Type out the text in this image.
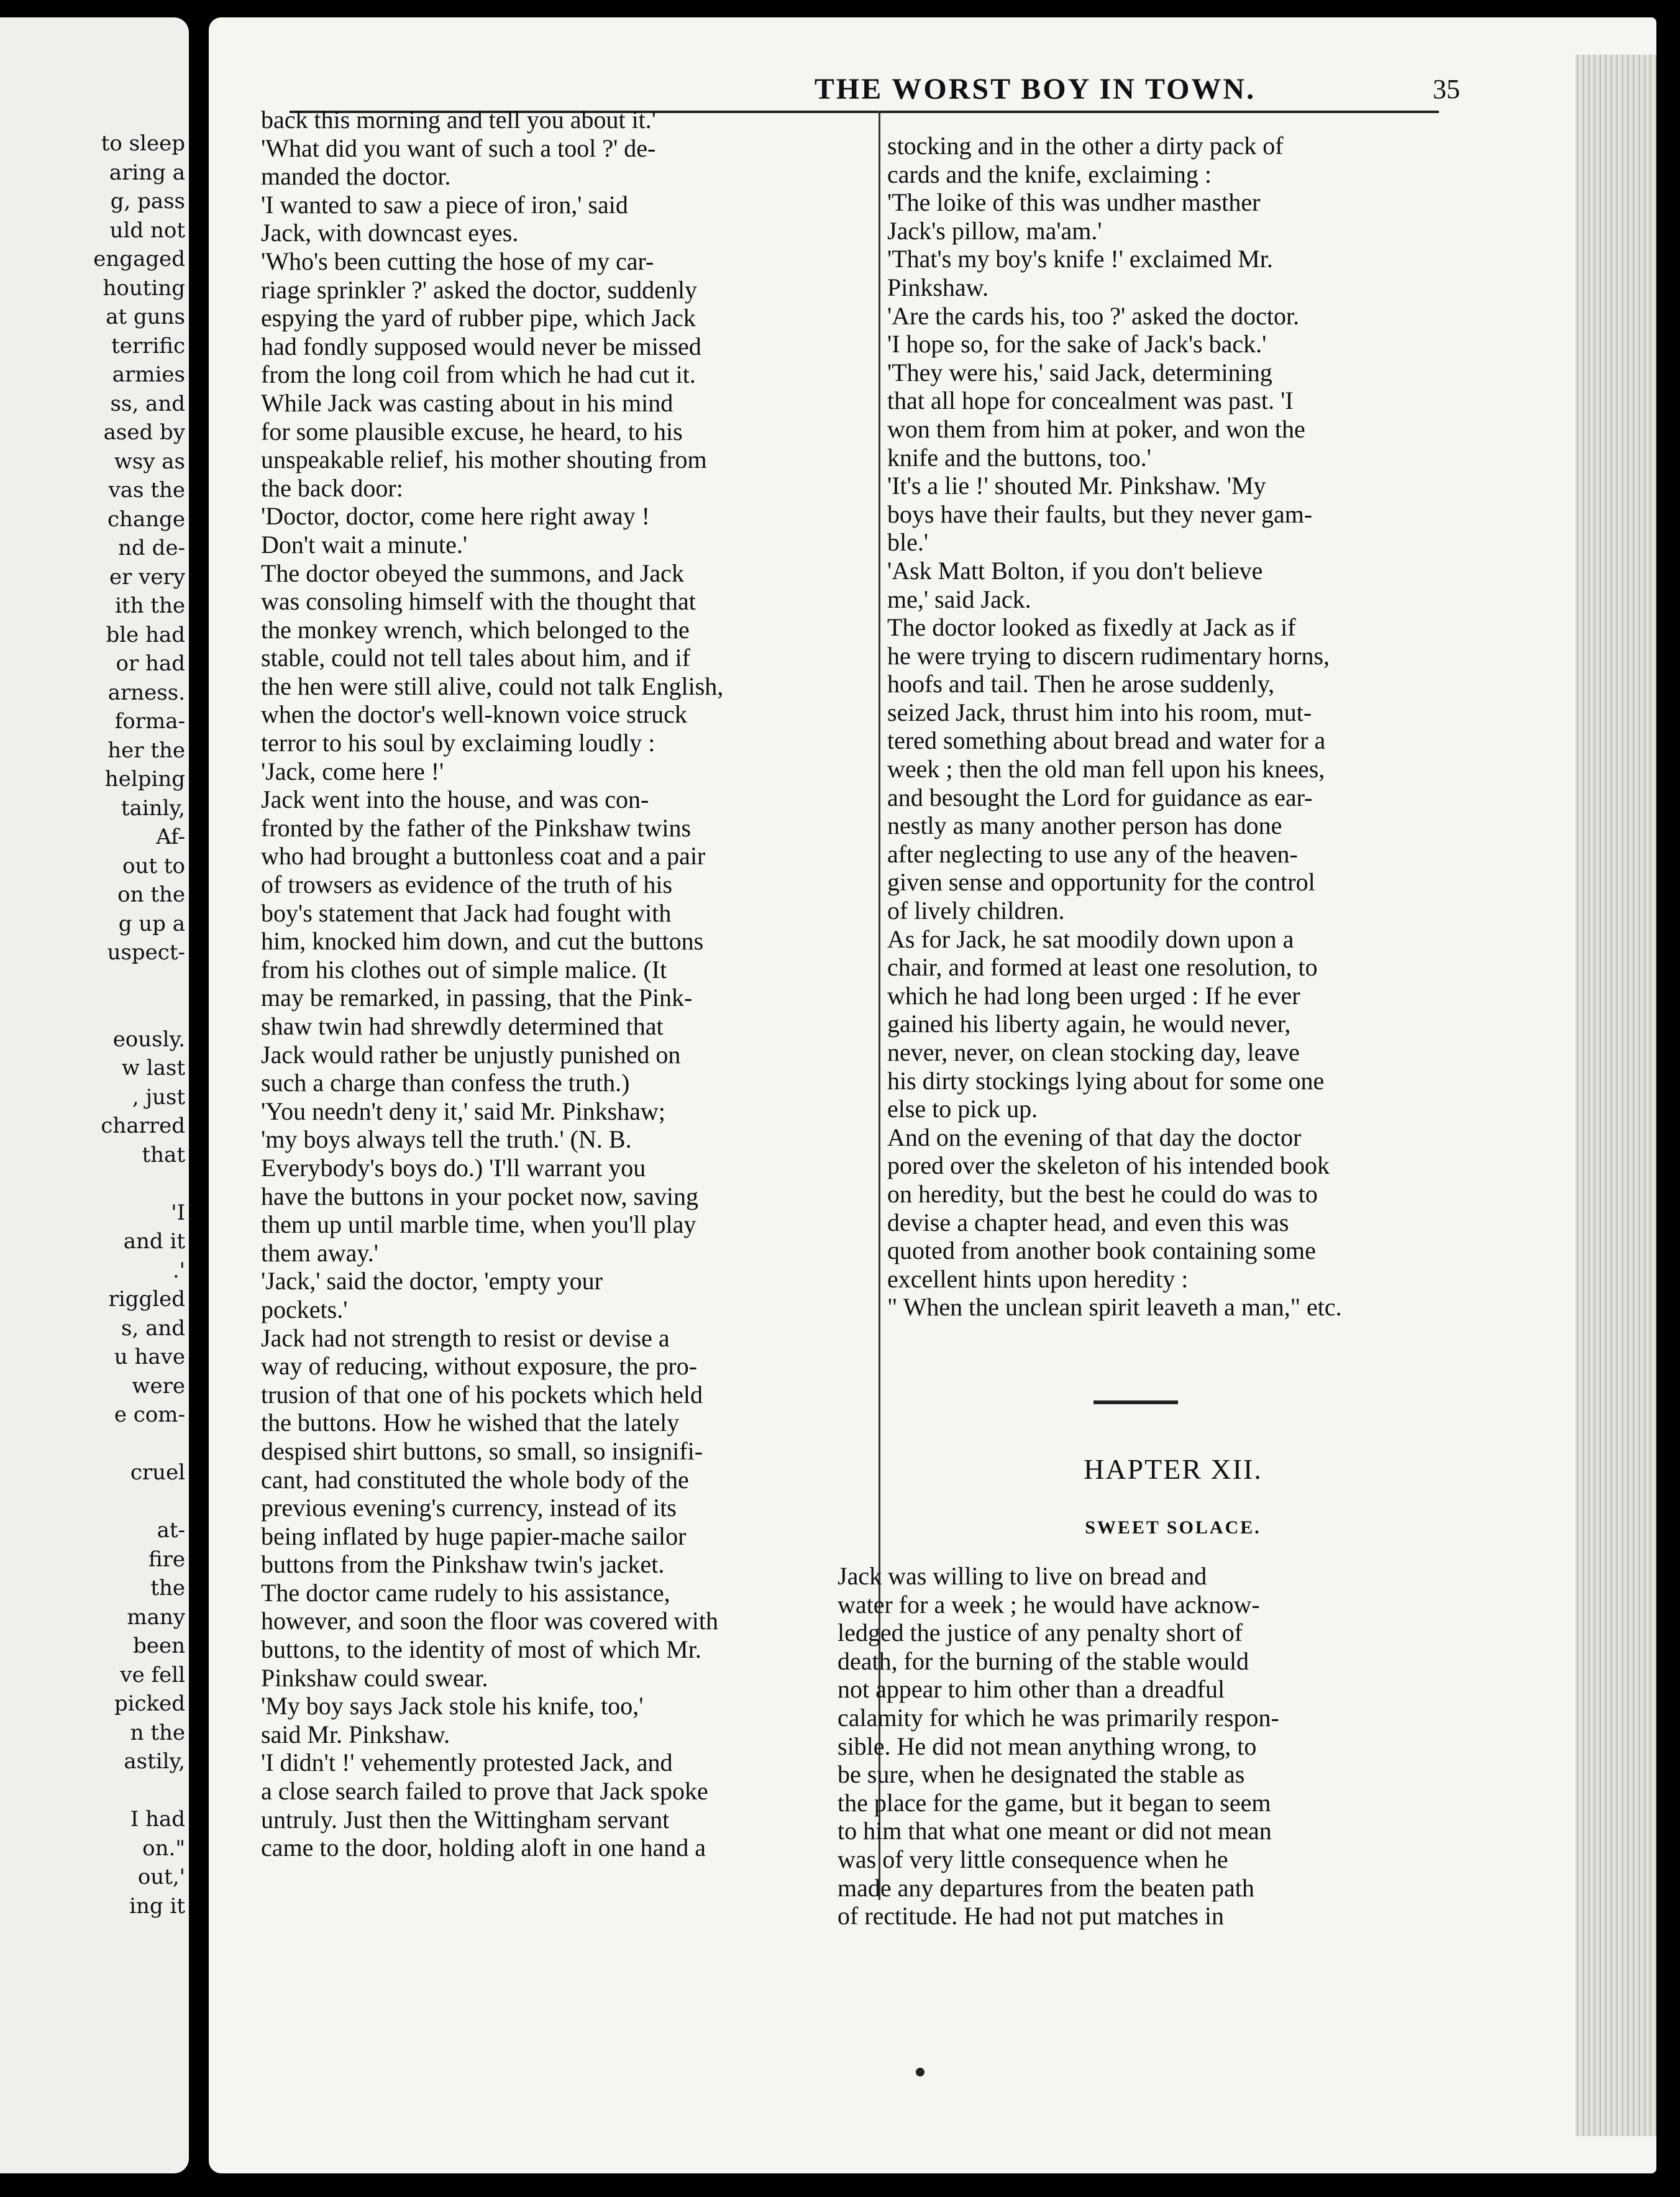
to sleep
aring a
g, pass
uld not
engaged
houting
at guns
terrific
armies
ss, and
ased by
wsy as
vas the
change
nd de-
er very
ith the
ble had
or had
arness.
forma-
her the
helping
tainly,
Af-
out to
on the
g up a
uspect-

eously.
w last
, just
charred
that

'I
and it
.'
riggled
s, and
u have
were
e com-

cruel

at-
fire
the
many
been
ve fell
picked
n the
astily,

I had
on."
out,'
ing it
THE WORST BOY IN TOWN.	35
back this morning and tell you about it.'
'What did you want of such a tool ?' de-
manded the doctor.
'I wanted to saw a piece of iron,' said
Jack, with downcast eyes.
'Who's been cutting the hose of my car-
riage sprinkler ?' asked the doctor, suddenly
espying the yard of rubber pipe, which Jack
had fondly supposed would never be missed
from the long coil from which he had cut it.
While Jack was casting about in his mind
for some plausible excuse, he heard, to his
unspeakable relief, his mother shouting from
the back door:
'Doctor, doctor, come here right away !
Don't wait a minute.'
The doctor obeyed the summons, and Jack
was consoling himself with the thought that
the monkey wrench, which belonged to the
stable, could not tell tales about him, and if
the hen were still alive, could not talk English,
when the doctor's well-known voice struck
terror to his soul by exclaiming loudly :
'Jack, come here !'
Jack went into the house, and was con-
fronted by the father of the Pinkshaw twins
who had brought a buttonless coat and a pair
of trowsers as evidence of the truth of his
boy's statement that Jack had fought with
him, knocked him down, and cut the buttons
from his clothes out of simple malice. (It
may be remarked, in passing, that the Pink-
shaw twin had shrewdly determined that
Jack would rather be unjustly punished on
such a charge than confess the truth.)
'You needn't deny it,' said Mr. Pinkshaw;
'my boys always tell the truth.' (N. B.
Everybody's boys do.) 'I'll warrant you
have the buttons in your pocket now, saving
them up until marble time, when you'll play
them away.'
'Jack,' said the doctor, 'empty your
pockets.'
Jack had not strength to resist or devise a
way of reducing, without exposure, the pro-
trusion of that one of his pockets which held
the buttons. How he wished that the lately
despised shirt buttons, so small, so insignifi-
cant, had constituted the whole body of the
previous evening's currency, instead of its
being inflated by huge papier-mache sailor
buttons from the Pinkshaw twin's jacket.
The doctor came rudely to his assistance,
however, and soon the floor was covered with
buttons, to the identity of most of which Mr.
Pinkshaw could swear.
'My boy says Jack stole his knife, too,'
said Mr. Pinkshaw.
'I didn't !' vehemently protested Jack, and
a close search failed to prove that Jack spoke
untruly. Just then the Wittingham servant
came to the door, holding aloft in one hand a
stocking and in the other a dirty pack of
cards and the knife, exclaiming :
'The loike of this was undher masther
Jack's pillow, ma'am.'
'That's my boy's knife !' exclaimed Mr.
Pinkshaw.
'Are the cards his, too ?' asked the doctor.
'I hope so, for the sake of Jack's back.'
'They were his,' said Jack, determining
that all hope for concealment was past. 'I
won them from him at poker, and won the
knife and the buttons, too.'
'It's a lie !' shouted Mr. Pinkshaw. 'My
boys have their faults, but they never gam-
ble.'
'Ask Matt Bolton, if you don't believe
me,' said Jack.
The doctor looked as fixedly at Jack as if
he were trying to discern rudimentary horns,
hoofs and tail. Then he arose suddenly,
seized Jack, thrust him into his room, mut-
tered something about bread and water for a
week ; then the old man fell upon his knees,
and besought the Lord for guidance as ear-
nestly as many another person has done
after neglecting to use any of the heaven-
given sense and opportunity for the control
of lively children.
As for Jack, he sat moodily down upon a
chair, and formed at least one resolution, to
which he had long been urged : If he ever
gained his liberty again, he would never,
never, never, on clean stocking day, leave
his dirty stockings lying about for some one
else to pick up.
And on the evening of that day the doctor
pored over the skeleton of his intended book
on heredity, but the best he could do was to
devise a chapter head, and even this was
quoted from another book containing some
excellent hints upon heredity :
" When the unclean spirit leaveth a man," etc.
HAPTER XII.
SWEET SOLACE.
Jack was willing to live on bread and
water for a week ; he would have acknow-
ledged the justice of any penalty short of
death, for the burning of the stable would
not appear to him other than a dreadful
calamity for which he was primarily respon-
sible. He did not mean anything wrong, to
be sure, when he designated the stable as
the place for the game, but it began to seem
to him that what one meant or did not mean
was of very little consequence when he
made any departures from the beaten path
of rectitude. He had not put matches in
